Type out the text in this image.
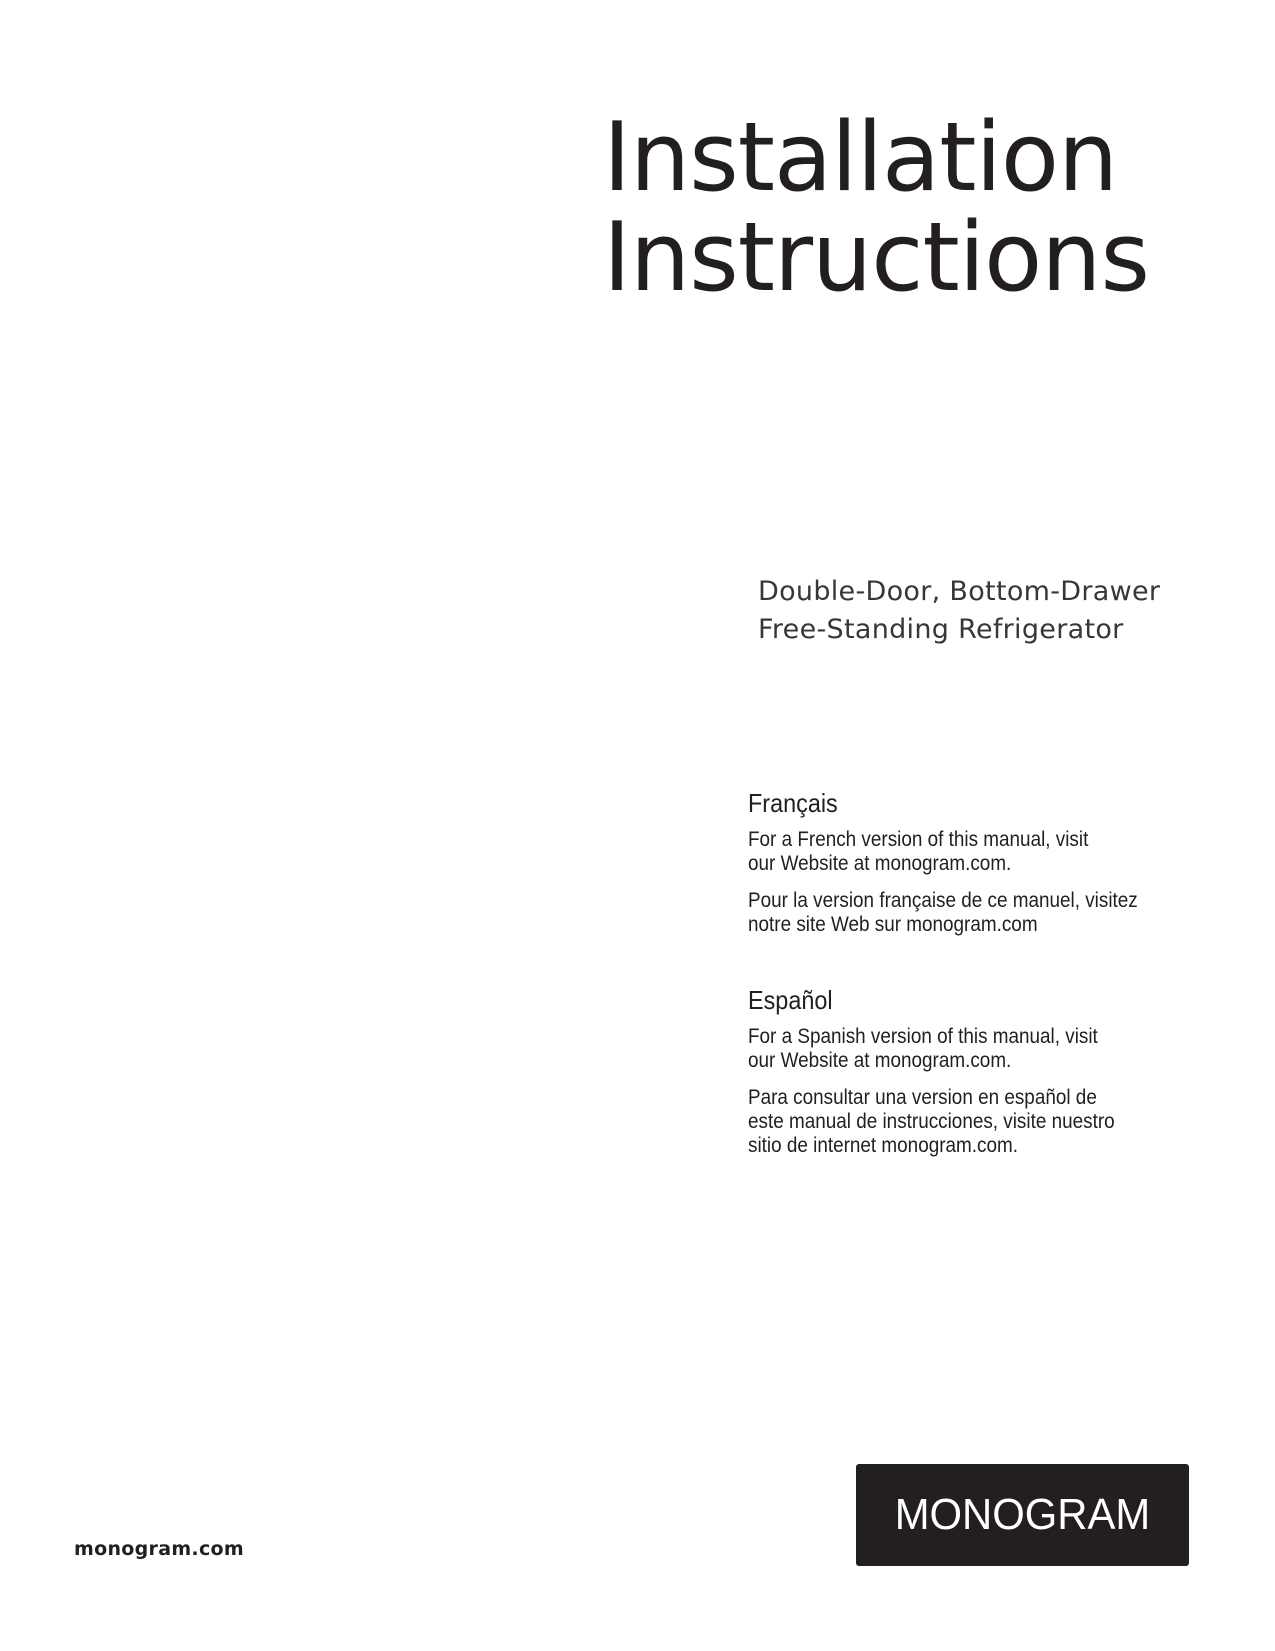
Installation
Instructions
Double-Door, Bottom-Drawer
Free-Standing Refrigerator
Français

For a French version of this manual, visit
our Website at monogram.com.

Pour la version française de ce manuel, visitez
notre site Web sur monogram.com

Español

For a Spanish version of this manual, visit
our Website at monogram.com.

Para consultar una version en español de
este manual de instrucciones, visite nuestro
sitio de internet monogram.com.

monogram.com
MONOGRAM
